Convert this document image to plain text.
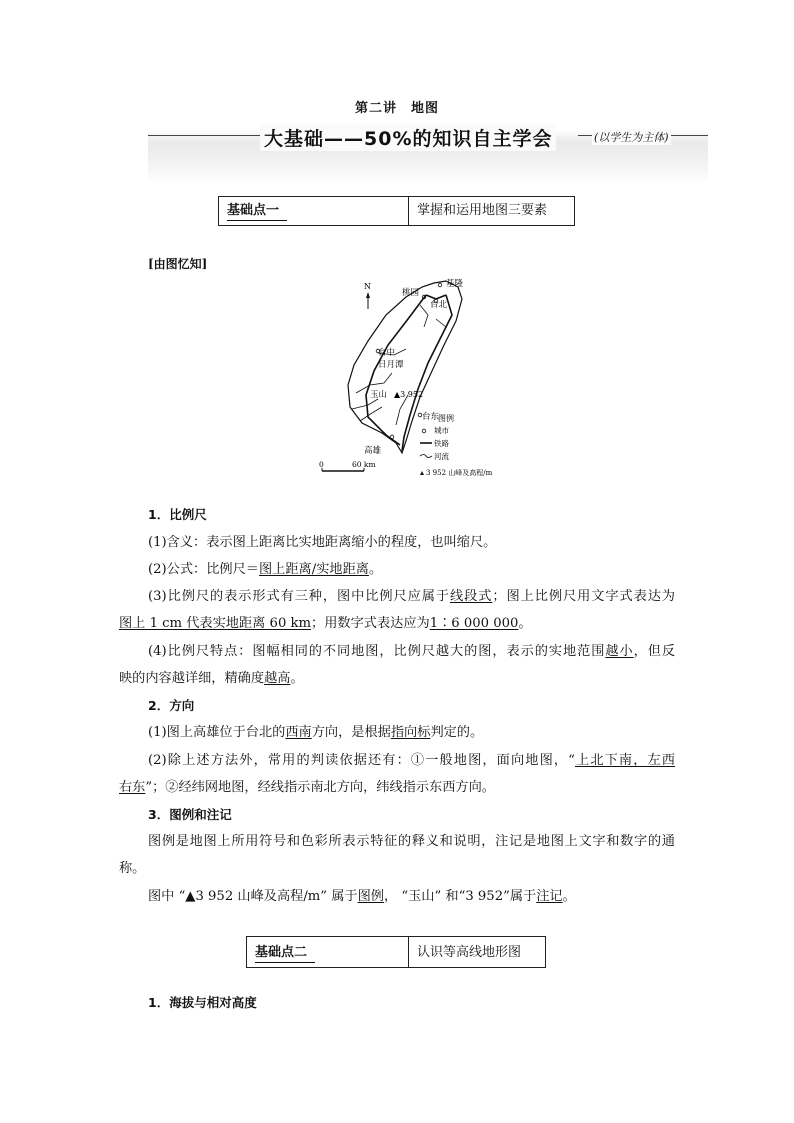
第二讲　地图
大基础——50%的知识自主学会	(以学生为主体)
基础点一	掌握和运用地图三要素
[由图忆知]
N	基隆
桃园
台北
台中
台东
高雄
日月潭
玉山 ▲3 952
0	60 km
图例
城市
铁路
河流
3 952 山峰及高程/m
1．比例尺
(1)含义：表示图上距离比实地距离缩小的程度，也叫缩尺。
(2)公式：比例尺＝图上距离/实地距离。
(3)比例尺的表示形式有三种，图中比例尺应属于线段式；图上比例尺用文字式表达为
图上 1 cm 代表实地距离 60 km；用数字式表达应为1∶6 000 000。
(4)比例尺特点：图幅相同的不同地图，比例尺越大的图，表示的实地范围越小，但反
映的内容越详细，精确度越高。
2．方向
(1)图上高雄位于台北的西南方向，是根据指向标判定的。
(2)除上述方法外，常用的判读依据还有：①一般地图，面向地图，“上北下南，左西
右东”；②经纬网地图，经线指示南北方向，纬线指示东西方向。
3．图例和注记
图例是地图上所用符号和色彩所表示特征的释义和说明，注记是地图上文字和数字的通称。
图中 “▲3 952 山峰及高程/m” 属于图例， “玉山” 和“3 952”属于注记。
基础点二	认识等高线地形图
1．海拔与相对高度
